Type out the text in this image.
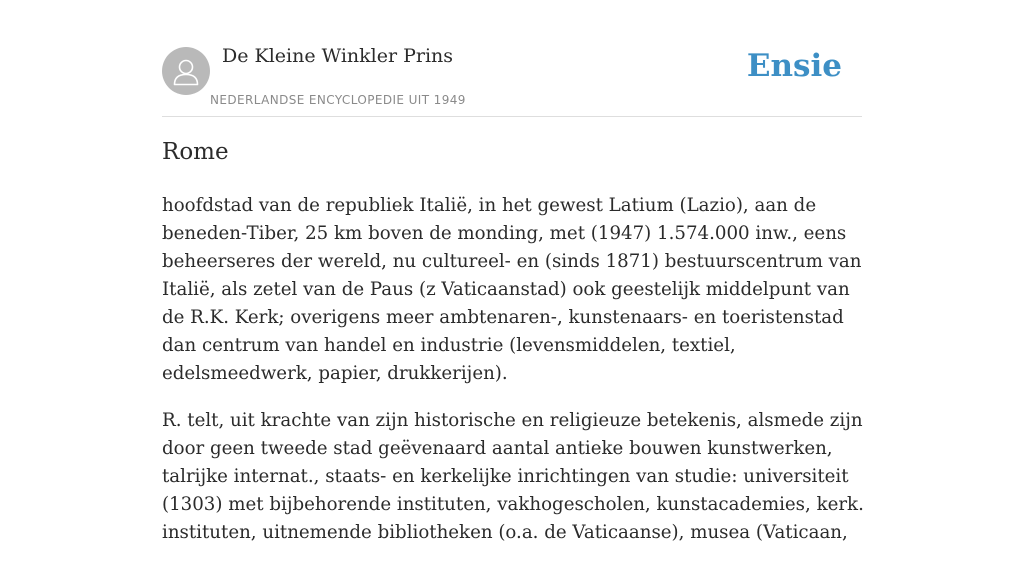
De Kleine Winkler Prins
NEDERLANDSE ENCYCLOPEDIE UIT 1949
Ensie
Rome

hoofdstad van de republiek Italië, in het gewest Latium (Lazio), aan de beneden-Tiber, 25 km boven de monding, met (1947) 1.574.000 inw., eens beheerseres der wereld, nu cultureel- en (sinds 1871) bestuurscentrum van Italië, als zetel van de Paus (z Vaticaanstad) ook geestelijk middelpunt van de R.K. Kerk; overigens meer ambtenaren-, kunstenaars- en toeristenstad dan centrum van handel en industrie (levensmiddelen, textiel, edelsmeedwerk, papier, drukkerijen).

R. telt, uit krachte van zijn historische en religieuze betekenis, alsmede zijn door geen tweede stad geëvenaard aantal antieke bouwen kunstwerken, talrijke internat., staats- en kerkelijke inrichtingen van studie: universiteit (1303) met bijbehorende instituten, vakhogescholen, kunstacademies, kerk. instituten, uitnemende bibliotheken (o.a. de Vaticaanse), musea (Vaticaan,
